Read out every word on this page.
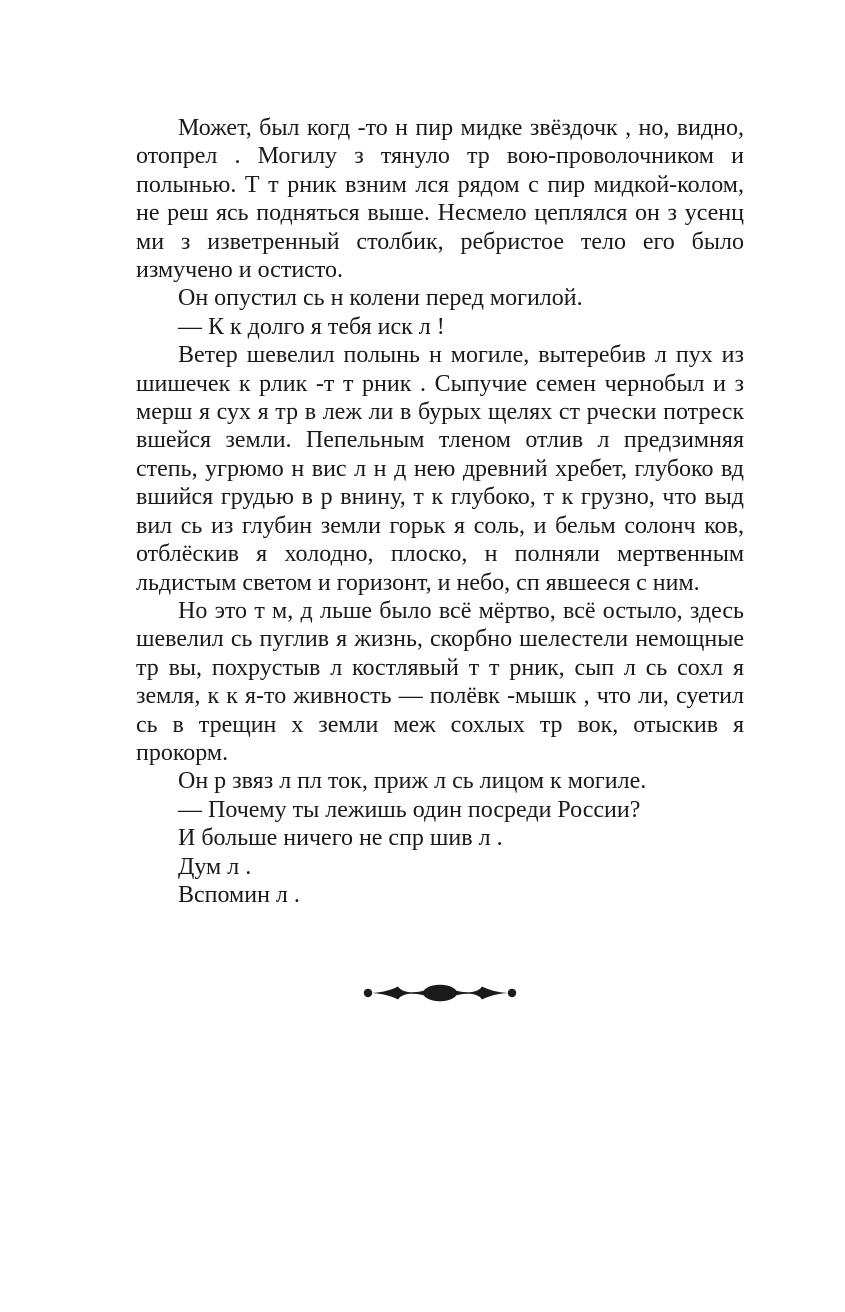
Может, был когд -то н пир мидке звёздочк , но, видно, отопрел . Могилу з тянуло тр вою-проволочником и полынью. Т т рник взним лся рядом с пир мидкой-колом, не реш ясь подняться выше. Несмело цеплялся он з усенц ми з изветренный столбик, ребристое тело его было измучено и остисто.

Он опустил сь н колени перед могилой.

— К к долго я тебя иск л !

Ветер шевелил полынь н могиле, вытеребив л пух из шишечек к рлик -т т рник . Сыпучие семен чернобыл и з мерш я сух я тр в леж ли в бурых щелях ст рчески потреск вшейся земли. Пепельным тленом отлив л предзимняя степь, угрюмо н вис л н д нею древний хребет, глубоко вд вшийся грудью в р внину, т к глубоко, т к грузно, что выд вил сь из глубин земли горьк я соль, и бельм солонч ков, отблёскив я холодно, плоско, н полняли мертвенным льдистым светом и горизонт, и небо, сп явшееся с ним.

Но это т м, д льше было всё мёртво, всё остыло, здесь шевелил сь пуглив я жизнь, скорбно шелестели немощные тр вы, похрустыв л костлявый т т рник, сып л сь сохл я земля, к к я-то живность — полёвк -мышк , что ли, суетил сь в трещин х земли меж сохлых тр вок, отыскив я прокорм.

Он р звяз л пл ток, приж л сь лицом к могиле.

— Почему ты лежишь один посреди России?

И больше ничего не спр шив л .

Дум л .

Вспомин л .
